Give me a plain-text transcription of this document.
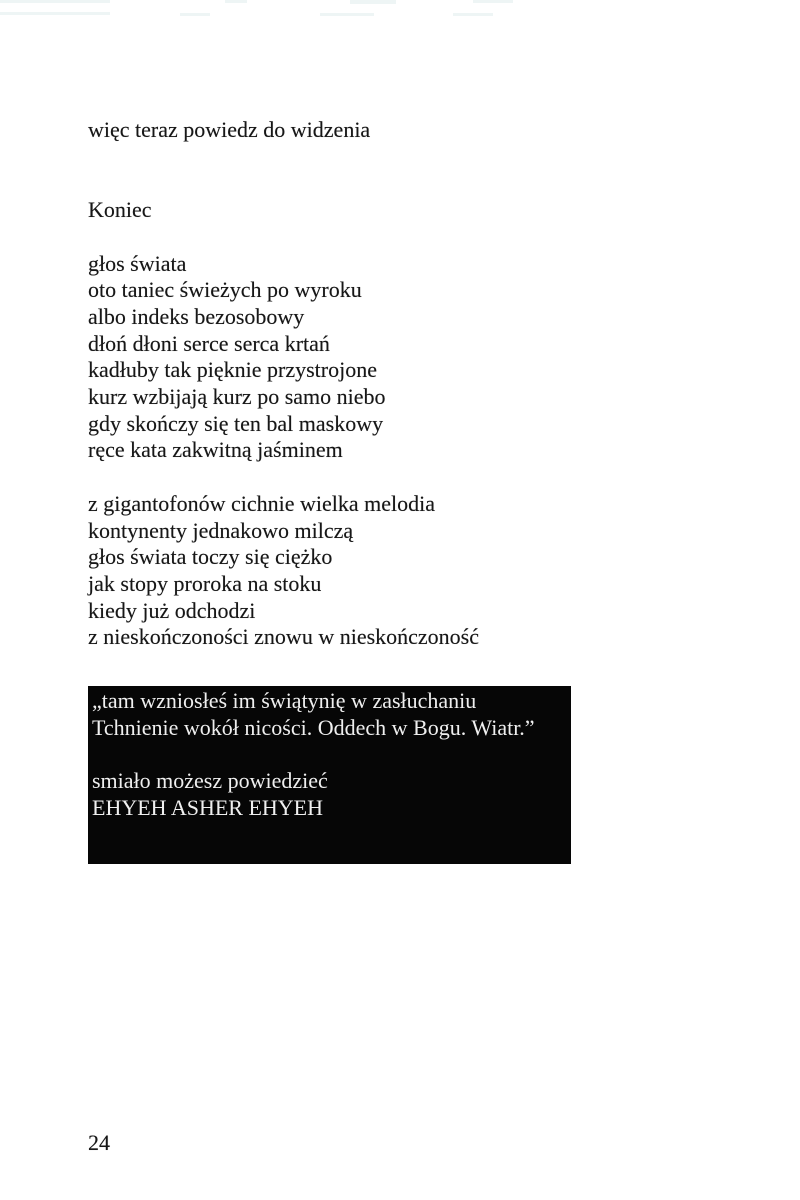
więc teraz powiedz do widzenia

Koniec

głos świata
oto taniec świeżych po wyroku
albo indeks bezosobowy
dłoń dłoni serce serca krtań
kadłuby tak pięknie przystrojone
kurz wzbijają kurz po samo niebo
gdy skończy się ten bal maskowy
ręce kata zakwitną jaśminem

z gigantofonów cichnie wielka melodia
kontynenty jednakowo milczą
głos świata toczy się ciężko
jak stopy proroka na stoku
kiedy już odchodzi
z nieskończoności znowu w nieskończoność
„tam wzniosłeś im świątynię w zasłuchaniu
Tchnienie wokół nicości. Oddech w Bogu. Wiatr.”

smiało możesz powiedzieć
EHYEH ASHER EHYEH
24
